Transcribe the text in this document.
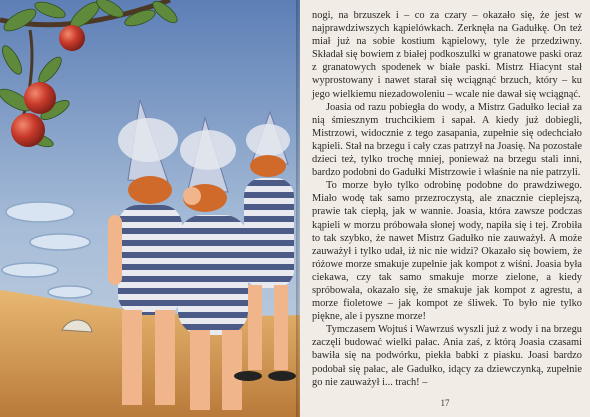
nogi, na brzuszek i – co za czary – okazało się, że jest w najprawdziwszych kąpielówkach. Zerknęła na Gadułkę. On też miał już na sobie kostium kąpielowy, tyle że przedziwny. Składał się bowiem z białej podkoszulki w granatowe paski oraz z granatowych spodenek w białe paski. Mistrz Hiacynt stał wyprostowany i nawet starał się wciągnąć brzuch, który – ku jego wielkiemu niezadowoleniu – wcale nie dawał się wciągnąć.

Joasia od razu pobiegła do wody, a Mistrz Gadułko leciał za nią śmiesznym truchcikiem i sapał. A kiedy już dobiegli, Mistrzowi, widocznie z tego zasapania, zupełnie się odechciało kąpieli. Stał na brzegu i cały czas patrzył na Joasię. Na pozostałe dzieci też, tylko trochę mniej, ponieważ na brzegu stali inni, bardzo podobni do Gadułki Mistrzowie i właśnie na nie patrzyli.

To morze było tylko odrobinę podobne do prawdziwego. Miało wodę tak samo przezroczystą, ale znacznie cieplejszą, prawie tak ciepłą, jak w wannie. Joasia, która zawsze podczas kąpieli w morzu próbowała słonej wody, napiła się i tej. Zrobiła to tak szybko, że nawet Mistrz Gadułko nie zauważył. A może zauważył i tylko udał, iż nic nie widzi? Okazało się bowiem, że różowe morze smakuje zupełnie jak kompot z wiśni. Joasia była ciekawa, czy tak samo smakuje morze zielone, a kiedy spróbowała, okazało się, że smakuje jak kompot z agrestu, a morze fioletowe – jak kompot ze śliwek. To było nie tylko piękne, ale i pyszne morze!

Tymczasem Wojtuś i Wawrzuś wyszli już z wody i na brzegu zaczęli budować wielki pałac. Ania zaś, z którą Joasia czasami bawiła się na podwórku, piekła babki z piasku. Joasi bardzo podobał się pałac, ale Gadułko, idący za dziewczynką, zupełnie go nie zauważył i... trach! –

17
